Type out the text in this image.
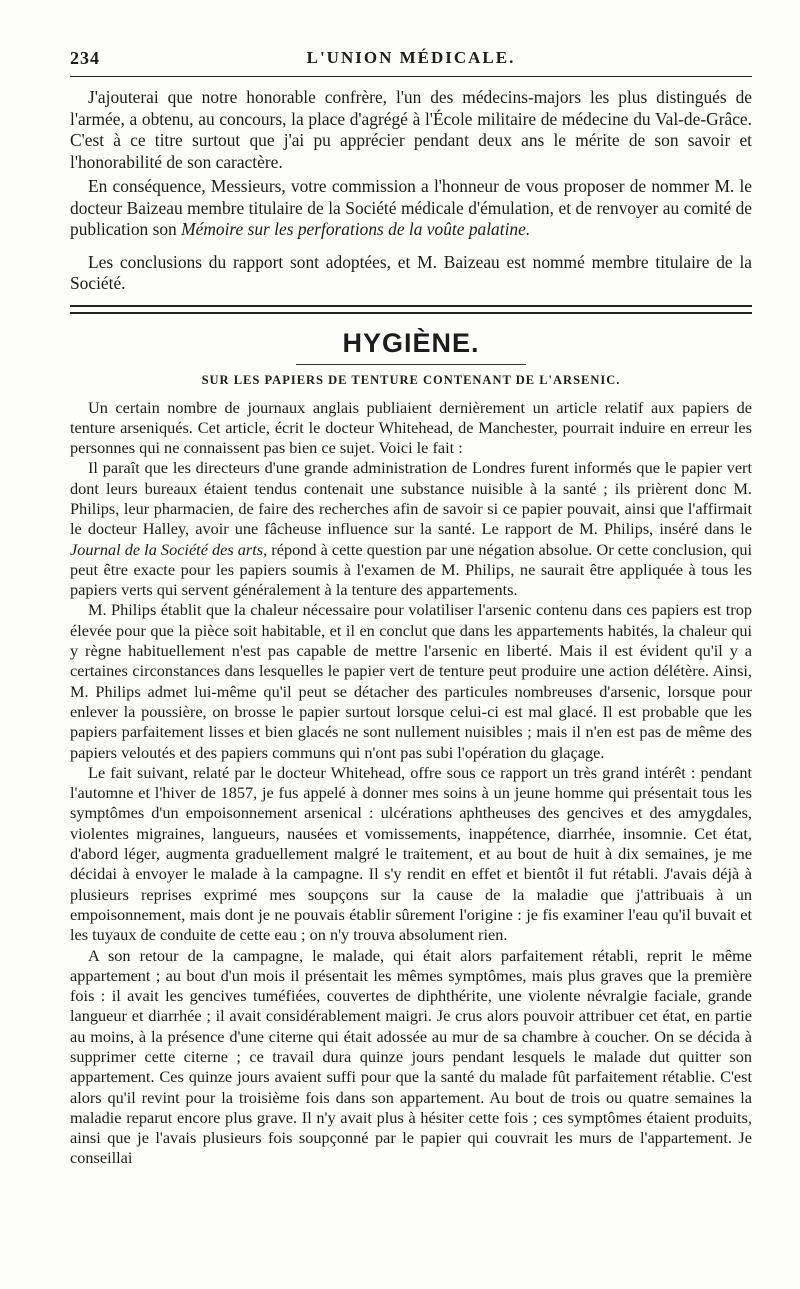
234	L'UNION MÉDICALE.

J'ajouterai que notre honorable confrère, l'un des médecins-majors les plus distingués de l'armée, a obtenu, au concours, la place d'agrégé à l'École militaire de médecine du Val-de-Grâce. C'est à ce titre surtout que j'ai pu apprécier pendant deux ans le mérite de son savoir et l'honorabilité de son caractère.

En conséquence, Messieurs, votre commission a l'honneur de vous proposer de nommer M. le docteur Baizeau membre titulaire de la Société médicale d'émulation, et de renvoyer au comité de publication son Mémoire sur les perforations de la voûte palatine.

Les conclusions du rapport sont adoptées, et M. Baizeau est nommé membre titulaire de la Société.

HYGIÈNE.
SUR LES PAPIERS DE TENTURE CONTENANT DE L'ARSENIC.

Un certain nombre de journaux anglais publiaient dernièrement un article relatif aux papiers de tenture arseniqués. Cet article, écrit le docteur Whitehead, de Manchester, pourrait induire en erreur les personnes qui ne connaissent pas bien ce sujet. Voici le fait :

Il paraît que les directeurs d'une grande administration de Londres furent informés que le papier vert dont leurs bureaux étaient tendus contenait une substance nuisible à la santé ; ils prièrent donc M. Philips, leur pharmacien, de faire des recherches afin de savoir si ce papier pouvait, ainsi que l'affirmait le docteur Halley, avoir une fâcheuse influence sur la santé. Le rapport de M. Philips, inséré dans le Journal de la Société des arts, répond à cette question par une négation absolue. Or cette conclusion, qui peut être exacte pour les papiers soumis à l'examen de M. Philips, ne saurait être appliquée à tous les papiers verts qui servent généralement à la tenture des appartements.

M. Philips établit que la chaleur nécessaire pour volatiliser l'arsenic contenu dans ces papiers est trop élevée pour que la pièce soit habitable, et il en conclut que dans les appartements habités, la chaleur qui y règne habituellement n'est pas capable de mettre l'arsenic en liberté. Mais il est évident qu'il y a certaines circonstances dans lesquelles le papier vert de tenture peut produire une action délétère. Ainsi, M. Philips admet lui-même qu'il peut se détacher des particules nombreuses d'arsenic, lorsque pour enlever la poussière, on brosse le papier surtout lorsque celui-ci est mal glacé. Il est probable que les papiers parfaitement lisses et bien glacés ne sont nullement nuisibles ; mais il n'en est pas de même des papiers veloutés et des papiers communs qui n'ont pas subi l'opération du glaçage.

Le fait suivant, relaté par le docteur Whitehead, offre sous ce rapport un très grand intérêt : pendant l'automne et l'hiver de 1857, je fus appelé à donner mes soins à un jeune homme qui présentait tous les symptômes d'un empoisonnement arsenical : ulcérations aphtheuses des gencives et des amygdales, violentes migraines, langueurs, nausées et vomissements, inappétence, diarrhée, insomnie. Cet état, d'abord léger, augmenta graduellement malgré le traitement, et au bout de huit à dix semaines, je me décidai à envoyer le malade à la campagne. Il s'y rendit en effet et bientôt il fut rétabli. J'avais déjà à plusieurs reprises exprimé mes soupçons sur la cause de la maladie que j'attribuais à un empoisonnement, mais dont je ne pouvais établir sûrement l'origine : je fis examiner l'eau qu'il buvait et les tuyaux de conduite de cette eau ; on n'y trouva absolument rien.

A son retour de la campagne, le malade, qui était alors parfaitement rétabli, reprit le même appartement ; au bout d'un mois il présentait les mêmes symptômes, mais plus graves que la première fois : il avait les gencives tuméfiées, couvertes de diphthérite, une violente névralgie faciale, grande langueur et diarrhée ; il avait considérablement maigri. Je crus alors pouvoir attribuer cet état, en partie au moins, à la présence d'une citerne qui était adossée au mur de sa chambre à coucher. On se décida à supprimer cette citerne ; ce travail dura quinze jours pendant lesquels le malade dut quitter son appartement. Ces quinze jours avaient suffi pour que la santé du malade fût parfaitement rétablie. C'est alors qu'il revint pour la troisième fois dans son appartement. Au bout de trois ou quatre semaines la maladie reparut encore plus grave. Il n'y avait plus à hésiter cette fois ; ces symptômes étaient produits, ainsi que je l'avais plusieurs fois soupçonné par le papier qui couvrait les murs de l'appartement. Je conseillai
